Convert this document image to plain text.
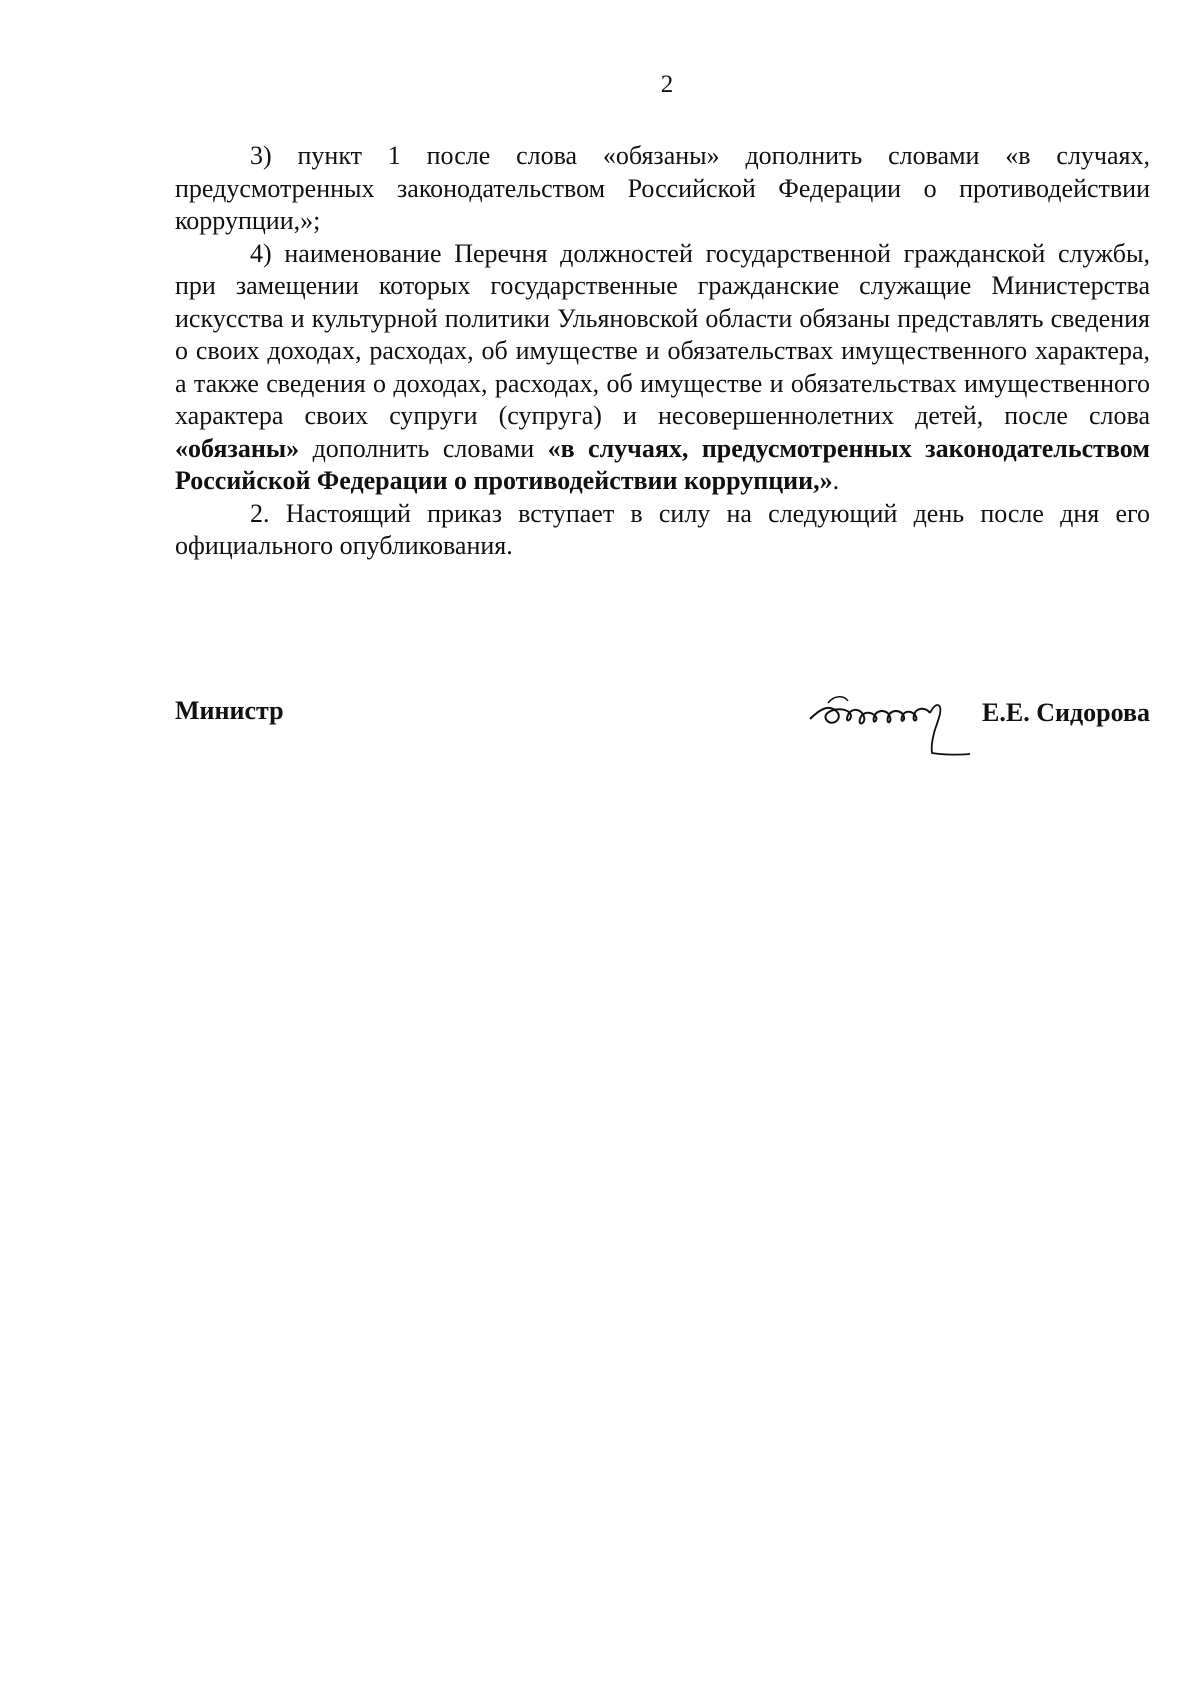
2

3) пункт 1 после слова «обязаны» дополнить словами «в случаях, предусмотренных законодательством Российской Федерации о противодействии коррупции,»;

4) наименование Перечня должностей государственной гражданской службы, при замещении которых государственные гражданские служащие Министерства искусства и культурной политики Ульяновской области обязаны представлять сведения о своих доходах, расходах, об имуществе и обязательствах имущественного характера, а также сведения о доходах, расходах, об имуществе и обязательствах имущественного характера своих супруги (супруга) и несовершеннолетних детей, после слова «обязаны» дополнить словами «в случаях, предусмотренных законодательством Российской Федерации о противодействии коррупции,».

2. Настоящий приказ вступает в силу на следующий день после дня его официального опубликования.

Министр	Е.Е. Сидорова
